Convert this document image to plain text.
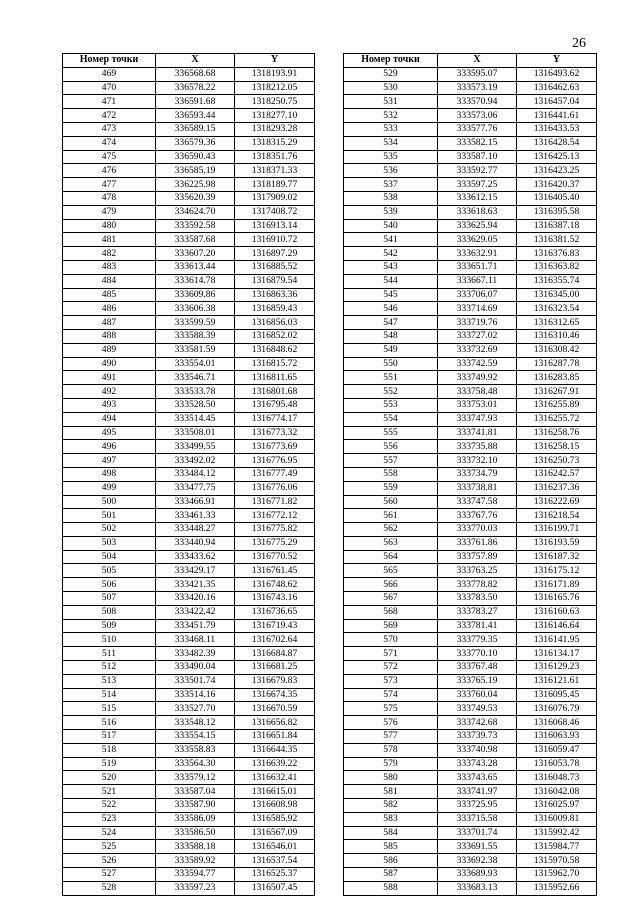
26
Номер точки	X	Y
469	336568.68	1318193.91
470	336578.22	1318212.05
471	336591.68	1318250.75
472	336593.44	1318277.10
473	336589.15	1318293.28
474	336579.36	1318315.29
475	336590.43	1318351.76
476	336585.19	1318371.33
477	336225.98	1318189.77
478	335620.39	1317909.02
479	334624.70	1317408.72
480	333592.58	1316913.14
481	333587.68	1316910.72
482	333607.20	1316897.29
483	333613.44	1316885.52
484	333614.78	1316879.54
485	333609.86	1316863.36
486	333606.38	1316859.43
487	333599.59	1316856.03
488	333588.39	1316852.02
489	333581.59	1316848.62
490	333554.01	1316815.72
491	333546.71	1316811.65
492	333533.78	1316801.68
493	333528.50	1316795.48
494	333514.45	1316774.17
495	333508.01	1316773.32
496	333499.55	1316773.69
497	333492.02	1316776.95
498	333484.12	1316777.49
499	333477.75	1316776.06
500	333466.91	1316771.82
501	333461.33	1316772.12
502	333448.27	1316775.82
503	333440.94	1316775.29
504	333433.62	1316770.52
505	333429.17	1316761.45
506	333421.35	1316748.62
507	333420.16	1316743.16
508	333422.42	1316736.65
509	333451.79	1316719.43
510	333468.11	1316702.64
511	333482.39	1316684.87
512	333490.04	1316681.25
513	333501.74	1316679.83
514	333514.16	1316674.35
515	333527.70	1316670.59
516	333548.12	1316656.82
517	333554.15	1316651.84
518	333558.83	1316644.35
519	333564.30	1316639.22
520	333579.12	1316632.41
521	333587.04	1316615.01
522	333587.90	1316608.98
523	333586.09	1316585.92
524	333586.50	1316567.09
525	333588.18	1316546.01
526	333589.92	1316537.54
527	333594.77	1316525.37
528	333597.23	1316507.45
Номер точки	X	Y
529	333595.07	1316493.62
530	333573.19	1316462.63
531	333570.94	1316457.04
532	333573.06	1316441.61
533	333577.76	1316433.53
534	333582.15	1316428.54
535	333587.10	1316425.13
536	333592.77	1316423.25
537	333597.25	1316420.37
538	333612.15	1316405.40
539	333618.63	1316395.58
540	333625.94	1316387.18
541	333629.05	1316381.52
542	333632.91	1316376.83
543	333651.71	1316363.82
544	333667.11	1316355.74
545	333706.07	1316345.00
546	333714.69	1316323.54
547	333719.76	1316312.65
548	333727.02	1316310.46
549	333732.69	1316308.42
550	333742.59	1316287.78
551	333749.92	1316283.85
552	333758.48	1316267.91
553	333753.01	1316255.89
554	333747.93	1316255.72
555	333741.81	1316258.76
556	333735.88	1316258.15
557	333732.10	1316250.73
558	333734.79	1316242.57
559	333738.81	1316237.36
560	333747.58	1316222.69
561	333767.76	1316218.54
562	333770.03	1316199.71
563	333761.86	1316193.59
564	333757.89	1316187.32
565	333763.25	1316175.12
566	333778.82	1316171.89
567	333783.50	1316165.76
568	333783.27	1316160.63
569	333781.41	1316146.64
570	333779.35	1316141.95
571	333770.10	1316134.17
572	333767.48	1316129.23
573	333765.19	1316121.61
574	333760.04	1316095.45
575	333749.53	1316076.79
576	333742.68	1316068.46
577	333739.73	1316063.93
578	333740.98	1316059.47
579	333743.28	1316053.78
580	333743.65	1316048.73
581	333741.97	1316042.08
582	333725.95	1316025.97
583	333715.58	1316009.81
584	333701.74	1315992.42
585	333691.55	1315984.77
586	333692.38	1315970.58
587	333689.93	1315962.70
588	333683.13	1315952.66
